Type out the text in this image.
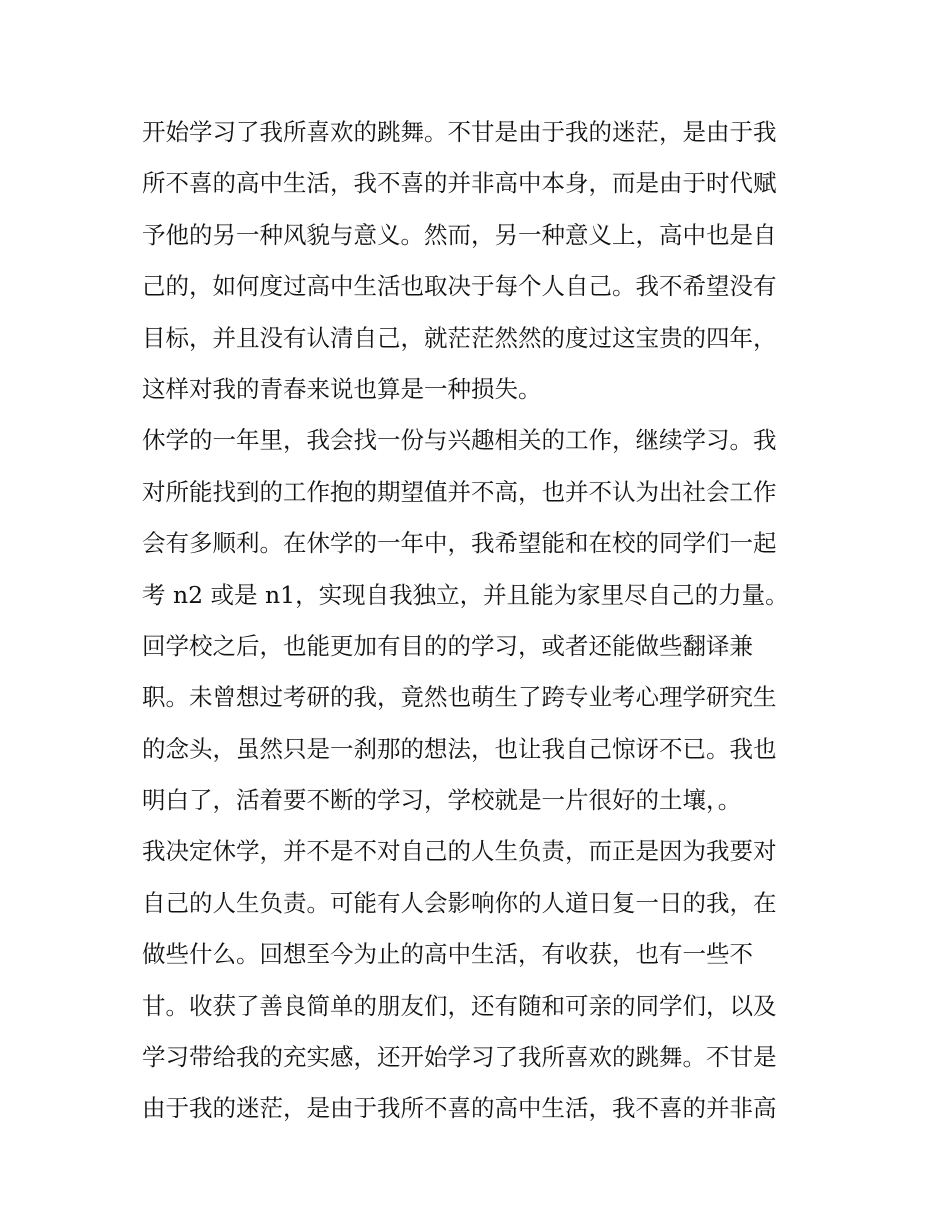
开始学习了我所喜欢的跳舞。不甘是由于我的迷茫，是由于我
所不喜的高中生活，我不喜的并非高中本身，而是由于时代赋
予他的另一种风貌与意义。然而，另一种意义上，高中也是自
己的，如何度过高中生活也取决于每个人自己。我不希望没有
目标，并且没有认清自己，就茫茫然然的度过这宝贵的四年，
这样对我的青春来说也算是一种损失。
休学的一年里，我会找一份与兴趣相关的工作，继续学习。我
对所能找到的工作抱的期望值并不高，也并不认为出社会工作
会有多顺利。在休学的一年中，我希望能和在校的同学们一起
考 n2 或是 n1，实现自我独立，并且能为家里尽自己的力量。
回学校之后，也能更加有目的的学习，或者还能做些翻译兼
职。未曾想过考研的我，竟然也萌生了跨专业考心理学研究生
的念头，虽然只是一刹那的想法，也让我自己惊讶不已。我也
明白了，活着要不断的学习，学校就是一片很好的土壤，。
我决定休学，并不是不对自己的人生负责，而正是因为我要对
自己的人生负责。可能有人会影响你的人道日复一日的我，在
做些什么。回想至今为止的高中生活，有收获，也有一些不
甘。收获了善良简单的朋友们，还有随和可亲的同学们，以及
学习带给我的充实感，还开始学习了我所喜欢的跳舞。不甘是
由于我的迷茫，是由于我所不喜的高中生活，我不喜的并非高
